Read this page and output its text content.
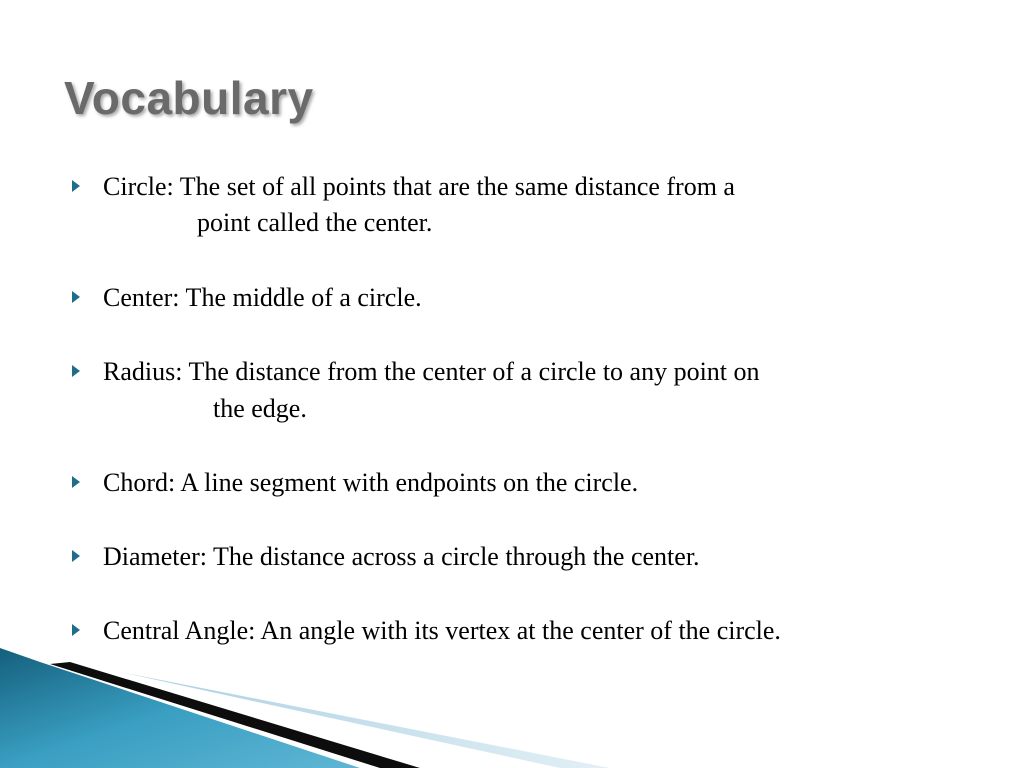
Vocabulary
Circle: The set of all points that are the same distance from a
point called the center.
Center: The middle of a circle.
Radius: The distance from the center of a circle to any point on
the edge.
Chord: A line segment with endpoints on the circle.
Diameter: The distance across a circle through the center.
Central Angle: An angle with its vertex at the center of the circle.
